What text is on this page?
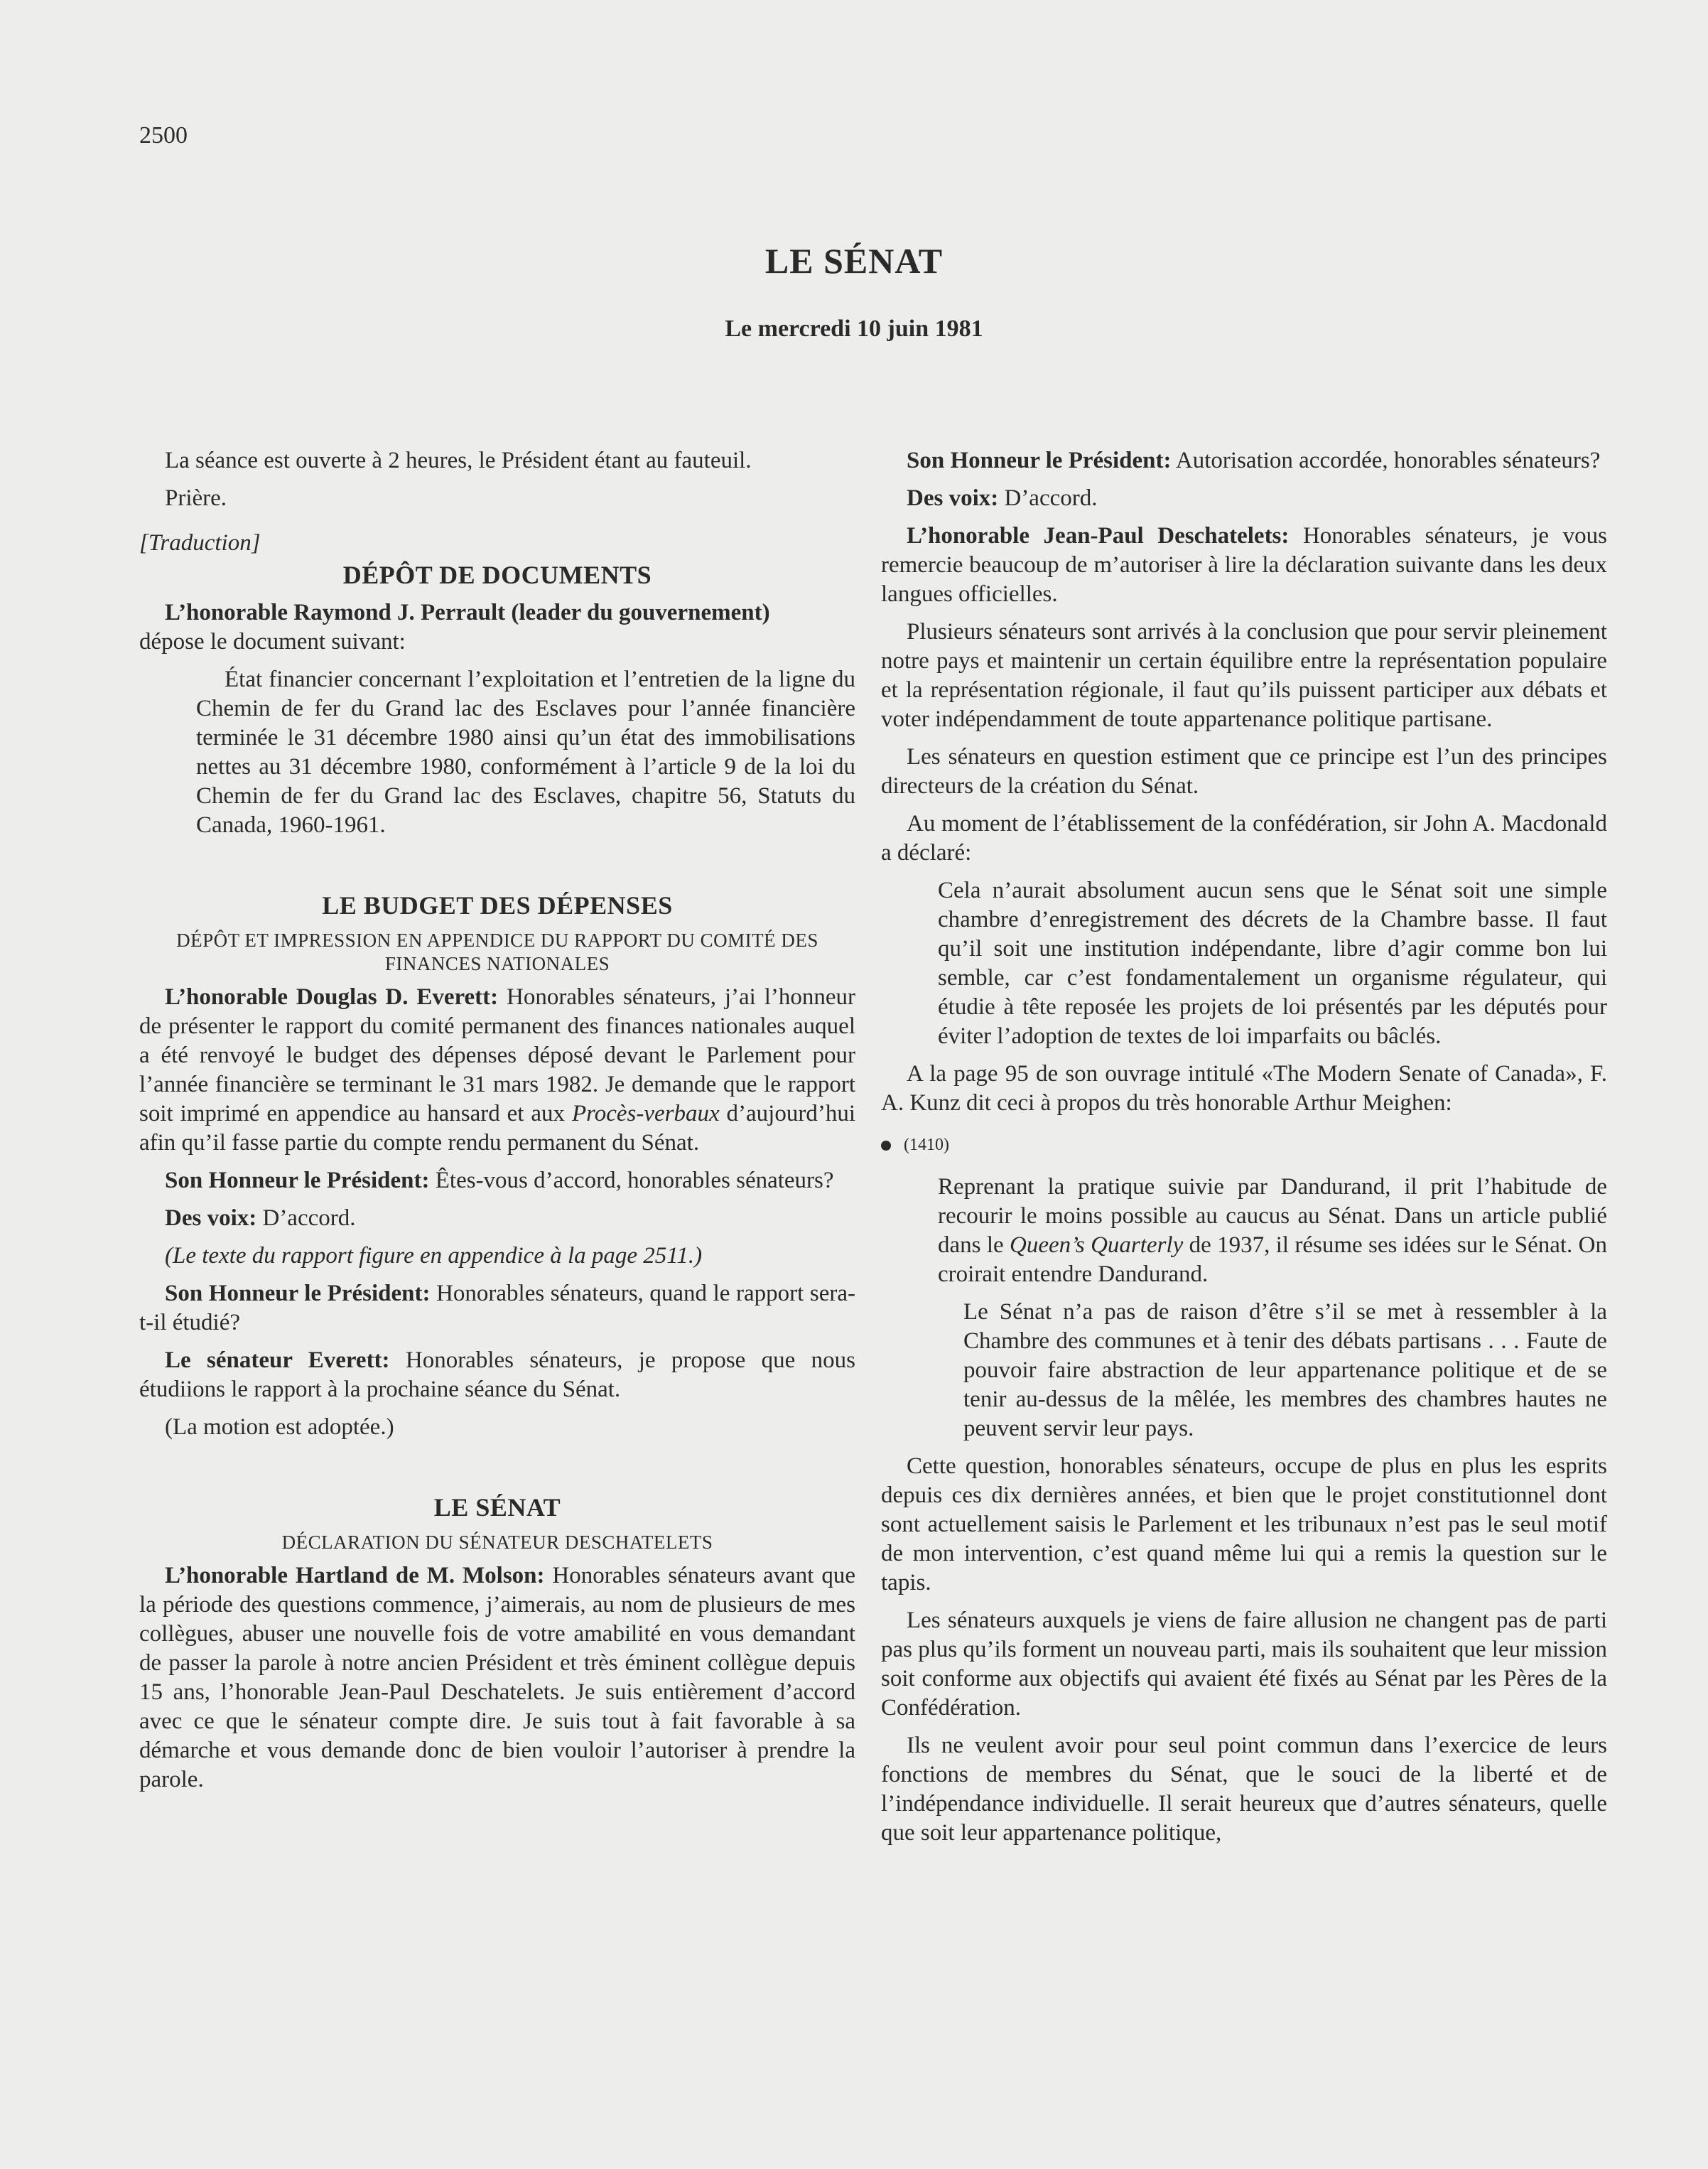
2500
LE SÉNAT
Le mercredi 10 juin 1981

La séance est ouverte à 2 heures, le Président étant au fauteuil.

Prière.

[Traduction]
DÉPÔT DE DOCUMENTS

L’honorable Raymond J. Perrault (leader du gouvernement)
dépose le document suivant:

État financier concernant l’exploitation et l’entretien de la ligne du Chemin de fer du Grand lac des Esclaves pour l’année financière terminée le 31 décembre 1980 ainsi qu’un état des immobilisations nettes au 31 décembre 1980, conformément à l’article 9 de la loi du Chemin de fer du Grand lac des Esclaves, chapitre 56, Statuts du Canada, 1960-1961.
LE BUDGET DES DÉPENSES
DÉPÔT ET IMPRESSION EN APPENDICE DU RAPPORT DU COMITÉ DES FINANCES NATIONALES

L’honorable Douglas D. Everett: Honorables sénateurs, j’ai l’honneur de présenter le rapport du comité permanent des finances nationales auquel a été renvoyé le budget des dépenses déposé devant le Parlement pour l’année financière se terminant le 31 mars 1982. Je demande que le rapport soit imprimé en appendice au hansard et aux Procès-verbaux d’aujourd’hui afin qu’il fasse partie du compte rendu permanent du Sénat.

Son Honneur le Président: Êtes-vous d’accord, honorables sénateurs?

Des voix: D’accord.

(Le texte du rapport figure en appendice à la page 2511.)

Son Honneur le Président: Honorables sénateurs, quand le rapport sera-t-il étudié?

Le sénateur Everett: Honorables sénateurs, je propose que nous étudiions le rapport à la prochaine séance du Sénat.

(La motion est adoptée.)

LE SÉNAT
DÉCLARATION DU SÉNATEUR DESCHATELETS

L’honorable Hartland de M. Molson: Honorables sénateurs avant que la période des questions commence, j’aimerais, au nom de plusieurs de mes collègues, abuser une nouvelle fois de votre amabilité en vous demandant de passer la parole à notre ancien Président et très éminent collègue depuis 15 ans, l’honorable Jean-Paul Deschatelets. Je suis entièrement d’accord avec ce que le sénateur compte dire. Je suis tout à fait favorable à sa démarche et vous demande donc de bien vouloir l’autoriser à prendre la parole.

Son Honneur le Président: Autorisation accordée, honorables sénateurs?

Des voix: D’accord.

L’honorable Jean-Paul Deschatelets: Honorables sénateurs, je vous remercie beaucoup de m’autoriser à lire la déclaration suivante dans les deux langues officielles.

Plusieurs sénateurs sont arrivés à la conclusion que pour servir pleinement notre pays et maintenir un certain équilibre entre la représentation populaire et la représentation régionale, il faut qu’ils puissent participer aux débats et voter indépendamment de toute appartenance politique partisane.

Les sénateurs en question estiment que ce principe est l’un des principes directeurs de la création du Sénat.

Au moment de l’établissement de la confédération, sir John A. Macdonald a déclaré:

Cela n’aurait absolument aucun sens que le Sénat soit une simple chambre d’enregistrement des décrets de la Chambre basse. Il faut qu’il soit une institution indépendante, libre d’agir comme bon lui semble, car c’est fondamentalement un organisme régulateur, qui étudie à tête reposée les projets de loi présentés par les députés pour éviter l’adoption de textes de loi imparfaits ou bâclés.

A la page 95 de son ouvrage intitulé «The Modern Senate of Canada», F. A. Kunz dit ceci à propos du très honorable Arthur Meighen:

(1410)
Reprenant la pratique suivie par Dandurand, il prit l’habitude de recourir le moins possible au caucus au Sénat. Dans un article publié dans le Queen’s Quarterly de 1937, il résume ses idées sur le Sénat. On croirait entendre Dandurand.
Le Sénat n’a pas de raison d’être s’il se met à ressembler à la Chambre des communes et à tenir des débats partisans . . . Faute de pouvoir faire abstraction de leur appartenance politique et de se tenir au-dessus de la mêlée, les membres des chambres hautes ne peuvent servir leur pays.

Cette question, honorables sénateurs, occupe de plus en plus les esprits depuis ces dix dernières années, et bien que le projet constitutionnel dont sont actuellement saisis le Parlement et les tribunaux n’est pas le seul motif de mon intervention, c’est quand même lui qui a remis la question sur le tapis.

Les sénateurs auxquels je viens de faire allusion ne changent pas de parti pas plus qu’ils forment un nouveau parti, mais ils souhaitent que leur mission soit conforme aux objectifs qui avaient été fixés au Sénat par les Pères de la Confédération.

Ils ne veulent avoir pour seul point commun dans l’exercice de leurs fonctions de membres du Sénat, que le souci de la liberté et de l’indépendance individuelle. Il serait heureux que d’autres sénateurs, quelle que soit leur appartenance politique,
